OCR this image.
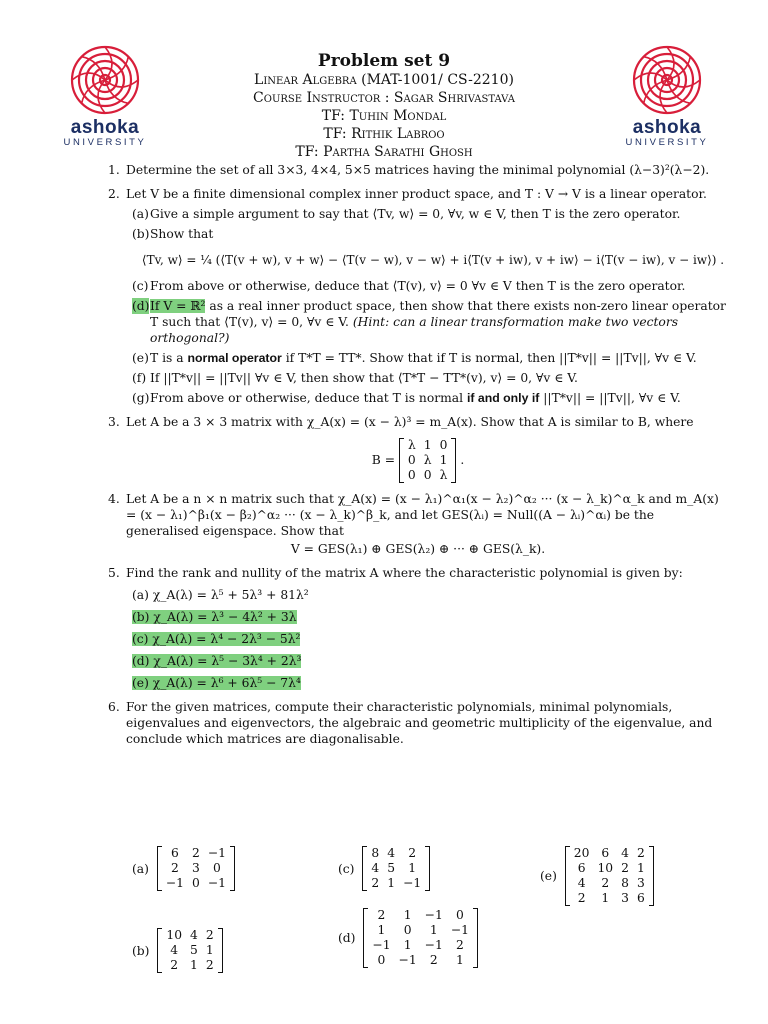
ashoka
UNIVERSITY
ashoka
UNIVERSITY
Problem set 9
Linear Algebra (MAT-1001/ CS-2210)
Course Instructor : Sagar Shrivastava
TF: Tuhin Mondal
TF: Rithik Labroo
TF: Partha Sarathi Ghosh
1. Determine the set of all 3×3, 4×4, 5×5 matrices having the minimal polynomial (λ−3)²(λ−2).
2. Let V be a finite dimensional complex inner product space, and T : V → V is a linear operator.
(a) Give a simple argument to say that ⟨Tv, w⟩ = 0, ∀v, w ∈ V, then T is the zero operator.
(b) Show that
⟨Tv, w⟩ = ¼ (⟨T(v + w), v + w⟩ − ⟨T(v − w), v − w⟩ + i⟨T(v + iw), v + iw⟩ − i⟨T(v − iw), v − iw⟩) .
(c) From above or otherwise, deduce that ⟨T(v), v⟩ = 0 ∀v ∈ V then T is the zero operator.
(d) If V = ℝ² as a real inner product space, then show that there exists non-zero linear operator T such that ⟨T(v), v⟩ = 0, ∀v ∈ V. (Hint: can a linear transformation make two vectors orthogonal?)
(e) T is a normal operator if T*T = TT*. Show that if T is normal, then ||T*v|| = ||Tv||, ∀v ∈ V.
(f) If ||T*v|| = ||Tv|| ∀v ∈ V, then show that ⟨T*T − TT*(v), v⟩ = 0, ∀v ∈ V.
(g) From above or otherwise, deduce that T is normal if and only if ||T*v|| = ||Tv||, ∀v ∈ V.
3. Let A be a 3 × 3 matrix with χ_A(x) = (x − λ)³ = m_A(x). Show that A is similar to B, where
B =
λ	1	0
0	λ	1
0	0	λ
.
4. Let A be a n × n matrix such that χ_A(x) = (x − λ₁)^α₁(x − λ₂)^α₂ ··· (x − λ_k)^α_k and m_A(x) = (x − λ₁)^β₁(x − β₂)^α₂ ··· (x − λ_k)^β_k, and let GES(λᵢ) = Null((A − λᵢ)^αᵢ) be the generalised eigenspace. Show that
V = GES(λ₁) ⊕ GES(λ₂) ⊕ ··· ⊕ GES(λ_k).
5. Find the rank and nullity of the matrix A where the characteristic polynomial is given by:
(a) χ_A(λ) = λ⁵ + 5λ³ + 81λ²
(b) χ_A(λ) = λ³ − 4λ² + 3λ
(c) χ_A(λ) = λ⁴ − 2λ³ − 5λ²
(d) χ_A(λ) = λ⁵ − 3λ⁴ + 2λ³
(e) χ_A(λ) = λ⁶ + 6λ⁵ − 7λ⁴
6. For the given matrices, compute their characteristic polynomials, minimal polynomials, eigenvalues and eigenvectors, the algebraic and geometric multiplicity of the eigenvalue, and conclude which matrices are diagonalisable.
(a)
6	2	−1
2	3	0
−1	0	−1
(b)
10	4	2
4	5	1
2	1	2
(c)
8	4	2
4	5	1
2	1	−1
(d)
2	1	−1	0
1	0	1	−1
−1	1	−1	2
0	−1	2	1
(e)
20	6	4	2
6	10	2	1
4	2	8	3
2	1	3	6
